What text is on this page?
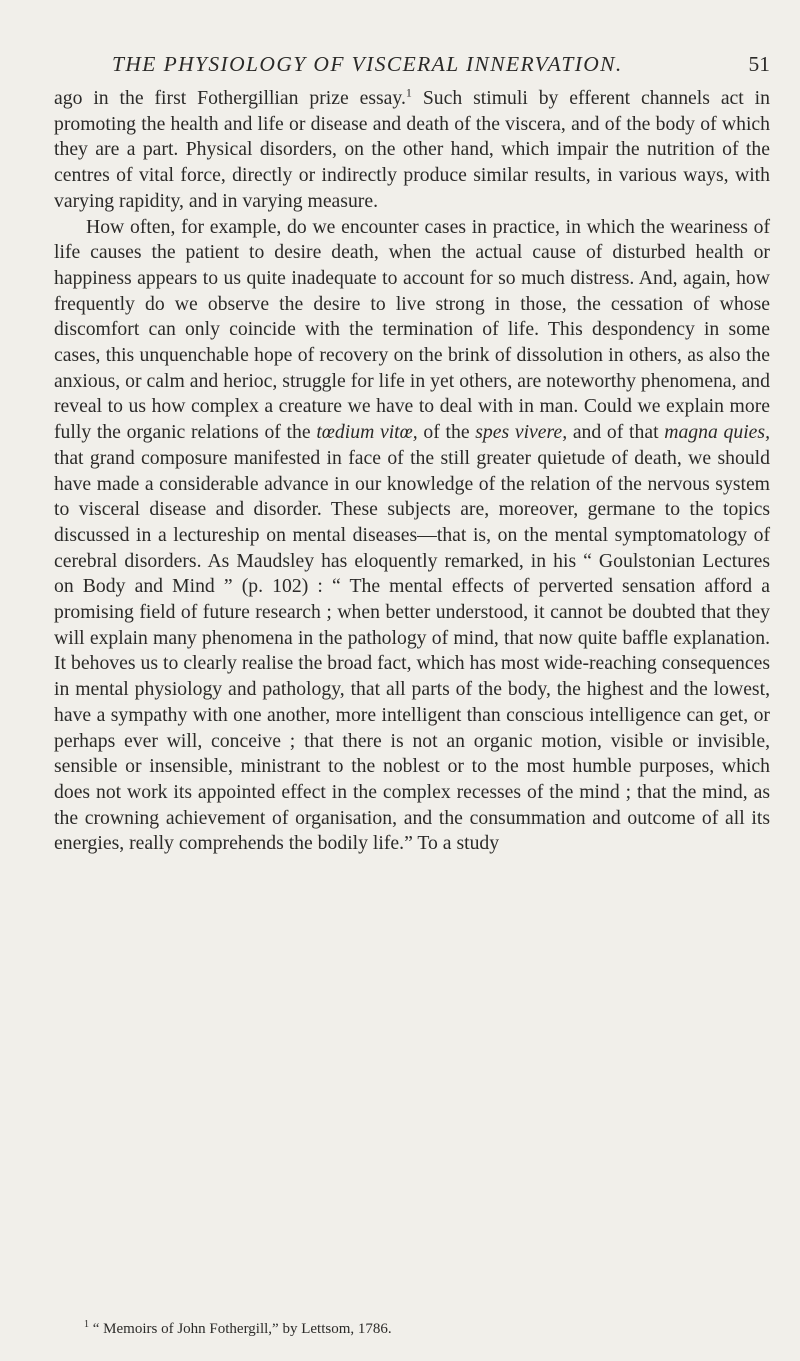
THE PHYSIOLOGY OF VISCERAL INNERVATION.	51

ago in the first Fothergillian prize essay.$^1$ Such stimuli by efferent channels act in promoting the health and life or disease and death of the viscera, and of the body of which they are a part. Physical disorders, on the other hand, which impair the nutrition of the centres of vital force, directly or indirectly produce similar results, in various ways, with varying rapidity, and in varying measure.

How often, for example, do we encounter cases in practice, in which the weariness of life causes the patient to desire death, when the actual cause of disturbed health or happiness appears to us quite inadequate to account for so much distress. And, again, how frequently do we observe the desire to live strong in those, the cessation of whose discomfort can only coincide with the termination of life. This despondency in some cases, this unquenchable hope of recovery on the brink of dissolution in others, as also the anxious, or calm and herioc, struggle for life in yet others, are noteworthy phenomena, and reveal to us how complex a creature we have to deal with in man. Could we explain more fully the organic relations of the tœdium vitœ, of the spes vivere, and of that magna quies, that grand composure manifested in face of the still greater quietude of death, we should have made a considerable advance in our knowledge of the relation of the nervous system to visceral disease and disorder. These subjects are, moreover, germane to the topics discussed in a lectureship on mental diseases—that is, on the mental symptomatology of cerebral disorders. As Maudsley has eloquently remarked, in his “ Goulstonian Lectures on Body and Mind ” (p. 102) : “ The mental effects of perverted sensation afford a promising field of future research ; when better understood, it cannot be doubted that they will explain many phenomena in the pathology of mind, that now quite baffle explanation. It behoves us to clearly realise the broad fact, which has most wide-reaching consequences in mental physiology and pathology, that all parts of the body, the highest and the lowest, have a sympathy with one another, more intelligent than conscious intelligence can get, or perhaps ever will, conceive ; that there is not an organic motion, visible or invisible, sensible or insensible, ministrant to the noblest or to the most humble purposes, which does not work its appointed effect in the complex recesses of the mind ; that the mind, as the crowning achievement of organisation, and the consummation and outcome of all its energies, really comprehends the bodily life.” To a study

$^1$ “ Memoirs of John Fothergill,” by Lettsom, 1786.
